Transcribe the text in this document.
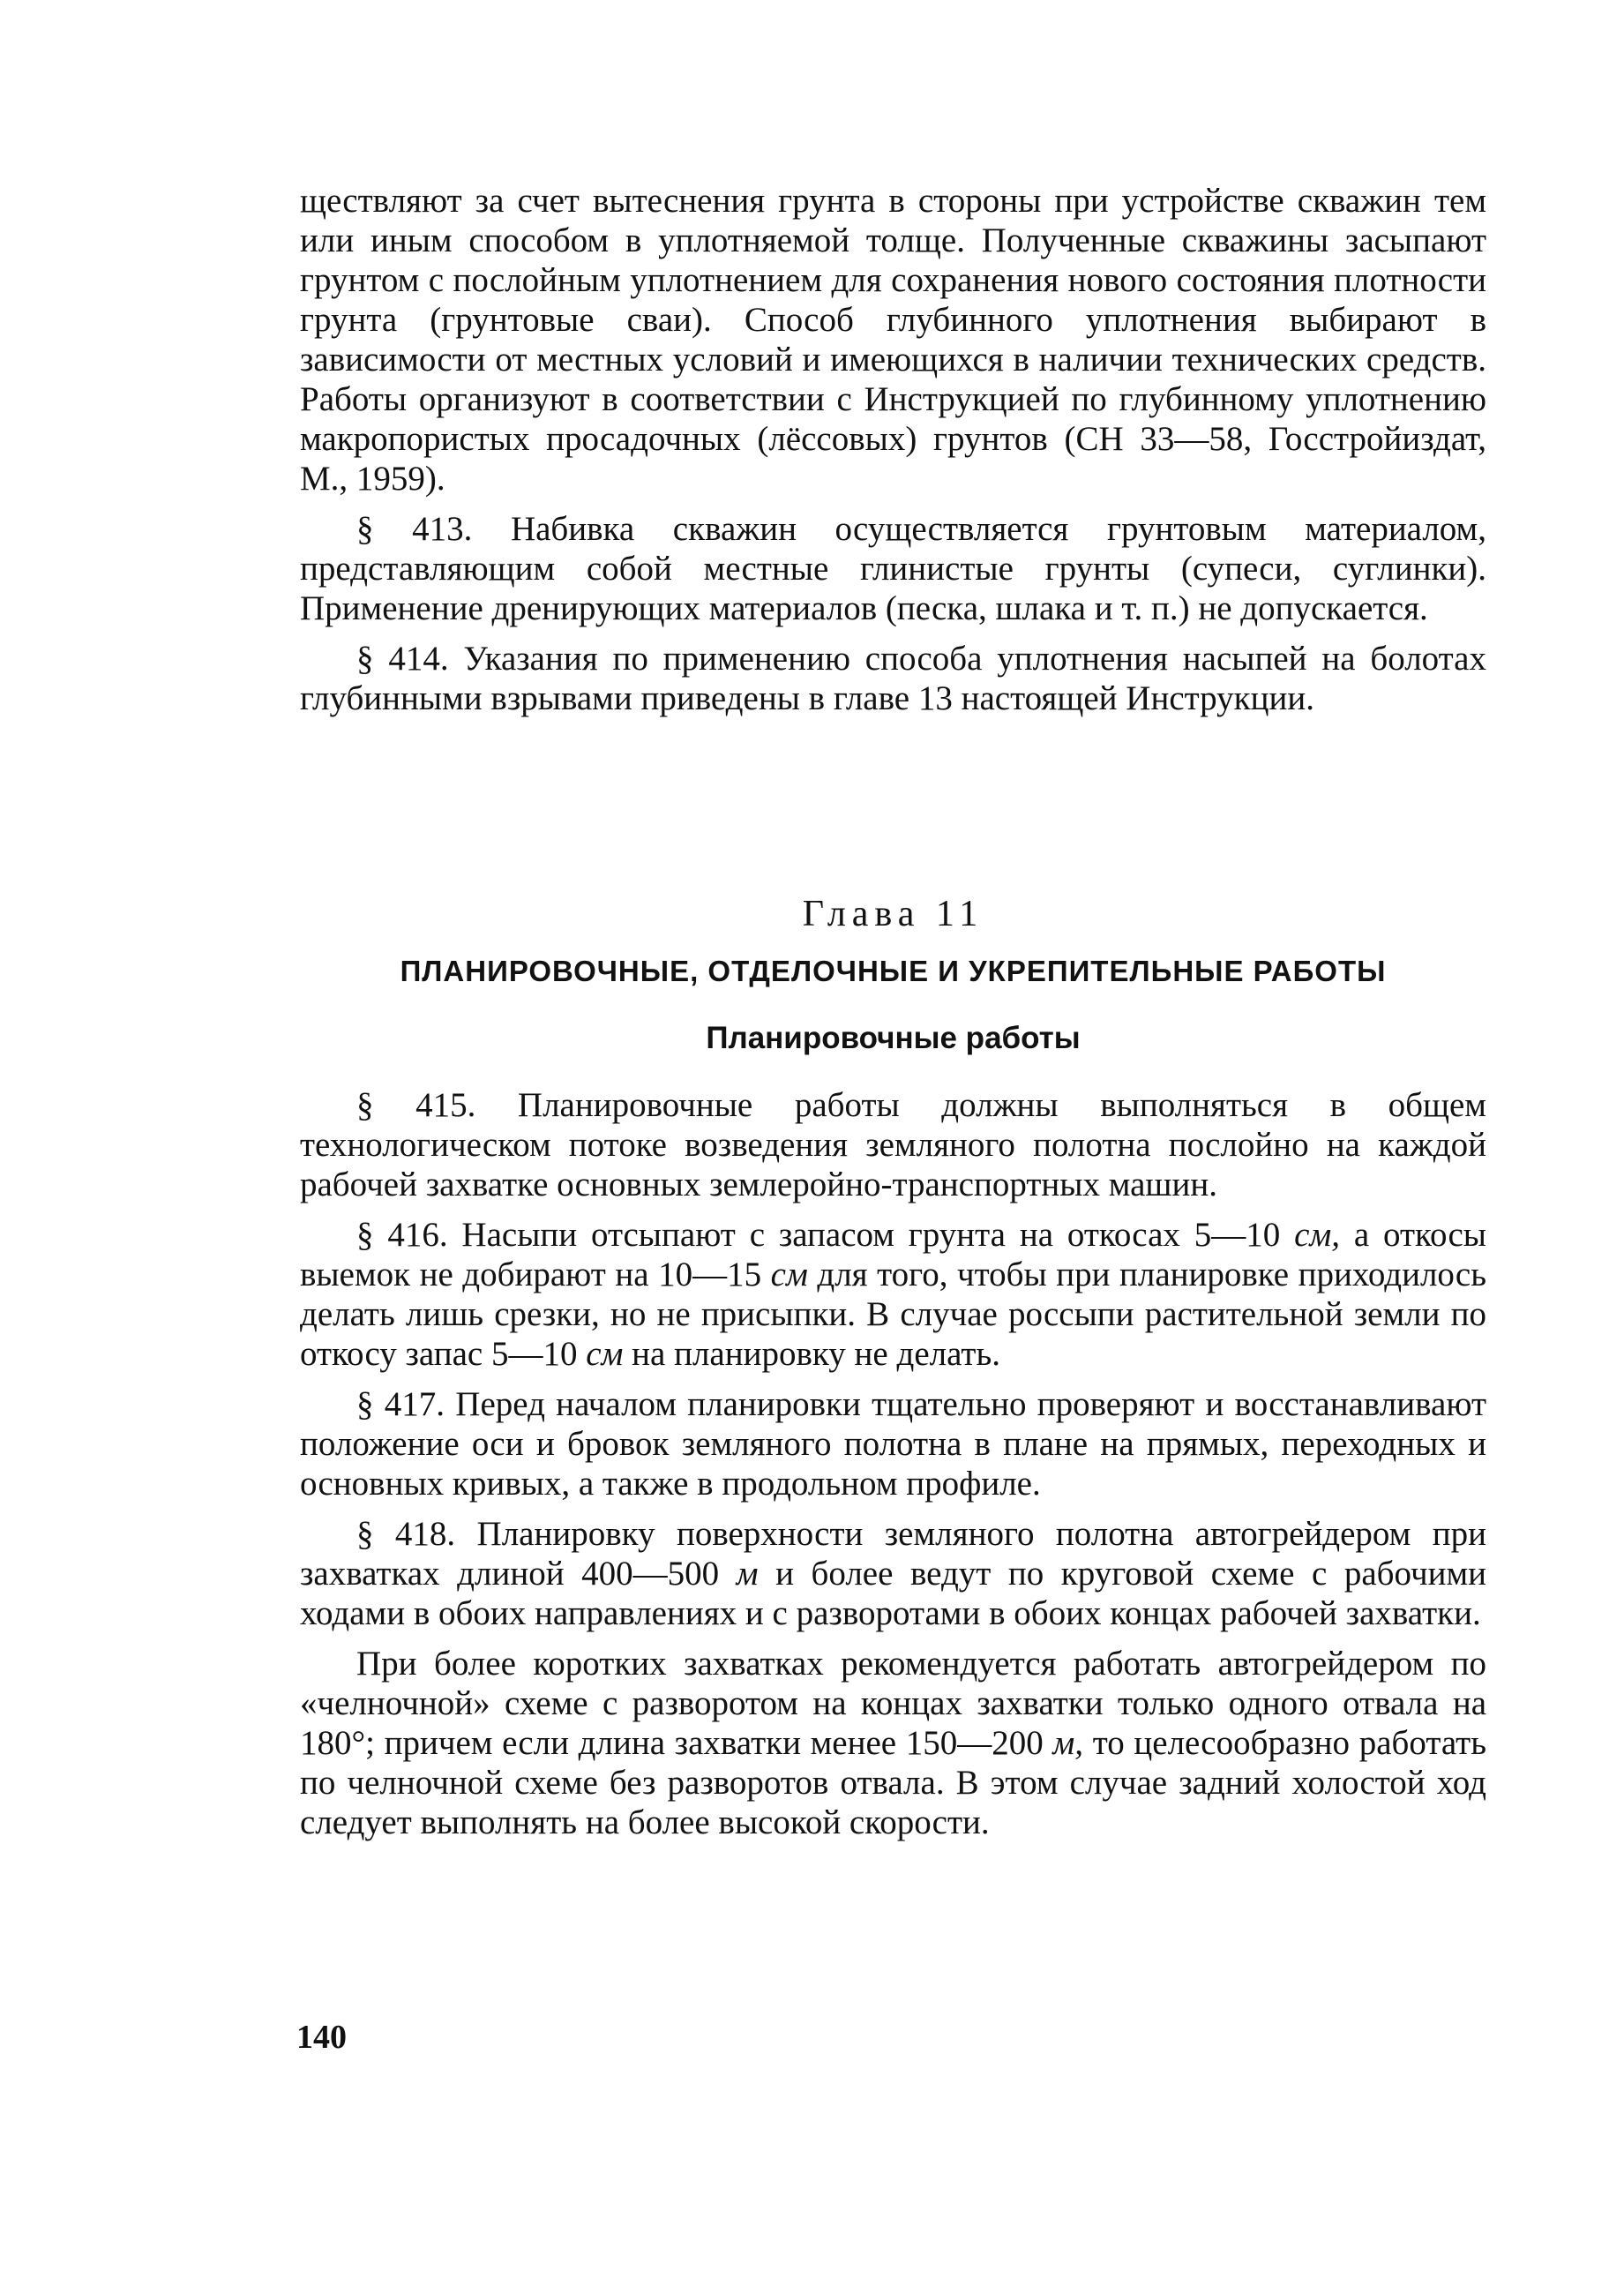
ществляют за счет вытеснения грунта в стороны при устройстве скважин тем или иным способом в уплотняемой толще. Полученные скважины засыпают грунтом с послойным уплотнением для сохранения нового состояния плотности грунта (грунтовые сваи). Способ глубинного уплотнения выбирают в зависимости от местных условий и имеющихся в наличии технических средств. Работы организуют в соответствии с Инструкцией по глубинному уплотнению макропористых просадочных (лёссовых) грунтов (СН 33—58, Госстройиздат, М., 1959).

§ 413. Набивка скважин осуществляется грунтовым материалом, представляющим собой местные глинистые грунты (супеси, суглинки). Применение дренирующих материалов (песка, шлака и т. п.) не допускается.

§ 414. Указания по применению способа уплотнения насыпей на болотах глубинными взрывами приведены в главе 13 настоящей Инструкции.

Глава 11
ПЛАНИРОВОЧНЫЕ, ОТДЕЛОЧНЫЕ И УКРЕПИТЕЛЬНЫЕ РАБОТЫ
Планировочные работы

§ 415. Планировочные работы должны выполняться в общем технологическом потоке возведения земляного полотна послойно на каждой рабочей захватке основных землеройно-транспортных машин.

§ 416. Насыпи отсыпают с запасом грунта на откосах 5—10 см, а откосы выемок не добирают на 10—15 см для того, чтобы при планировке приходилось делать лишь срезки, но не присыпки. В случае россыпи растительной земли по откосу запас 5—10 см на планировку не делать.

§ 417. Перед началом планировки тщательно проверяют и восстанавливают положение оси и бровок земляного полотна в плане на прямых, переходных и основных кривых, а также в продольном профиле.

§ 418. Планировку поверхности земляного полотна автогрейдером при захватках длиной 400—500 м и более ведут по круговой схеме с рабочими ходами в обоих направлениях и с разворотами в обоих концах рабочей захватки.

При более коротких захватках рекомендуется работать автогрейдером по «челночной» схеме с разворотом на концах захватки только одного отвала на 180°; причем если длина захватки менее 150—200 м, то целесообразно работать по челночной схеме без разворотов отвала. В этом случае задний холостой ход следует выполнять на более высокой скорости.

140
